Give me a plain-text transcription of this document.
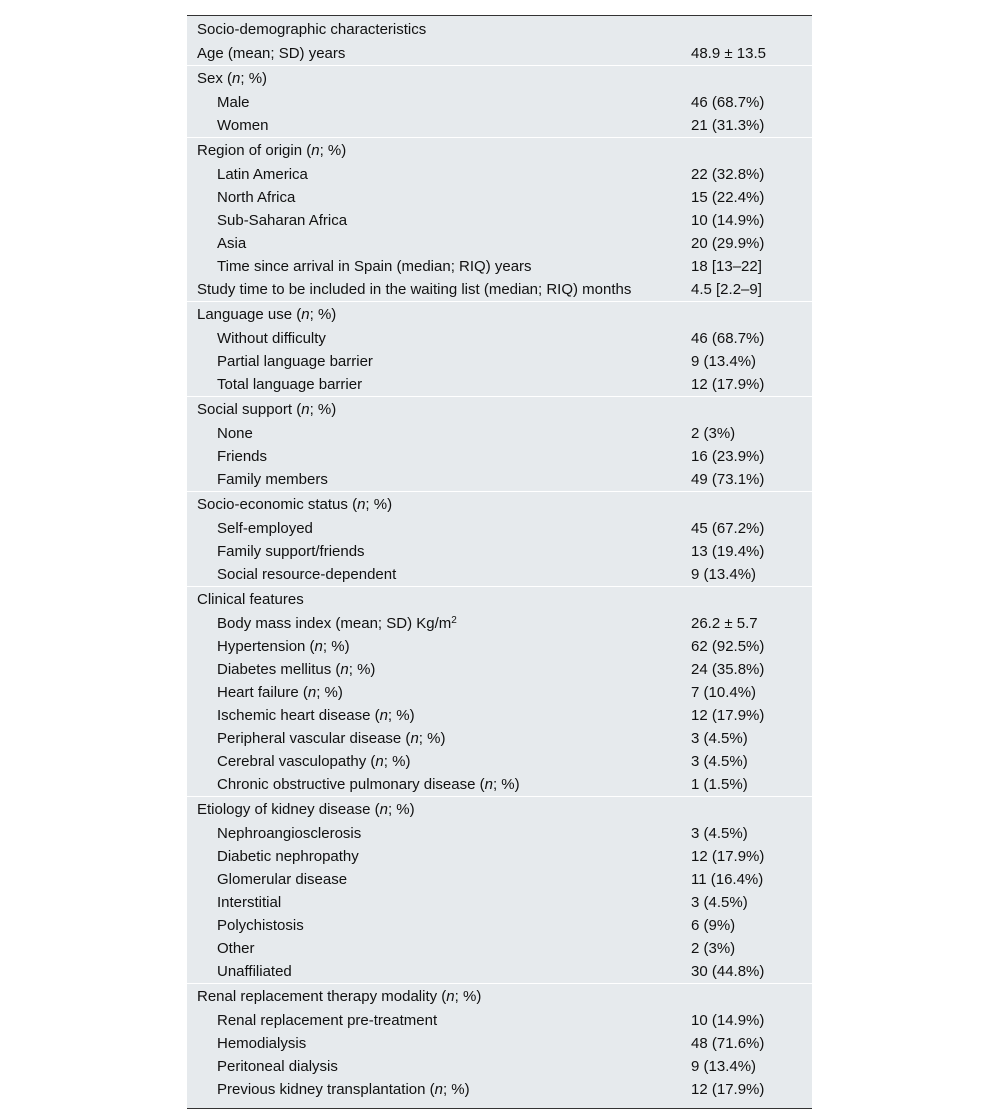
Socio-demographic characteristics
Age (mean; SD) years	48.9 ± 13.5
Sex (n; %)
Male	46 (68.7%)
Women	21 (31.3%)
Region of origin (n; %)
Latin America	22 (32.8%)
North Africa	15 (22.4%)
Sub-Saharan Africa	10 (14.9%)
Asia	20 (29.9%)
Time since arrival in Spain (median; RIQ) years	18 [13–22]
Study time to be included in the waiting list (median; RIQ) months	4.5 [2.2–9]
Language use (n; %)
Without difficulty	46 (68.7%)
Partial language barrier	9 (13.4%)
Total language barrier	12 (17.9%)
Social support (n; %)
None	2 (3%)
Friends	16 (23.9%)
Family members	49 (73.1%)
Socio-economic status (n; %)
Self-employed	45 (67.2%)
Family support/friends	13 (19.4%)
Social resource-dependent	9 (13.4%)
Clinical features
Body mass index (mean; SD) $Kg/m^2$	26.2 ± 5.7
Hypertension (n; %)	62 (92.5%)
Diabetes mellitus (n; %)	24 (35.8%)
Heart failure (n; %)	7 (10.4%)
Ischemic heart disease (n; %)	12 (17.9%)
Peripheral vascular disease (n; %)	3 (4.5%)
Cerebral vasculopathy (n; %)	3 (4.5%)
Chronic obstructive pulmonary disease (n; %)	1 (1.5%)
Etiology of kidney disease (n; %)
Nephroangiosclerosis	3 (4.5%)
Diabetic nephropathy	12 (17.9%)
Glomerular disease	11 (16.4%)
Interstitial	3 (4.5%)
Polychistosis	6 (9%)
Other	2 (3%)
Unaffiliated	30 (44.8%)
Renal replacement therapy modality (n; %)
Renal replacement pre-treatment	10 (14.9%)
Hemodialysis	48 (71.6%)
Peritoneal dialysis	9 (13.4%)
Previous kidney transplantation (n; %)	12 (17.9%)
